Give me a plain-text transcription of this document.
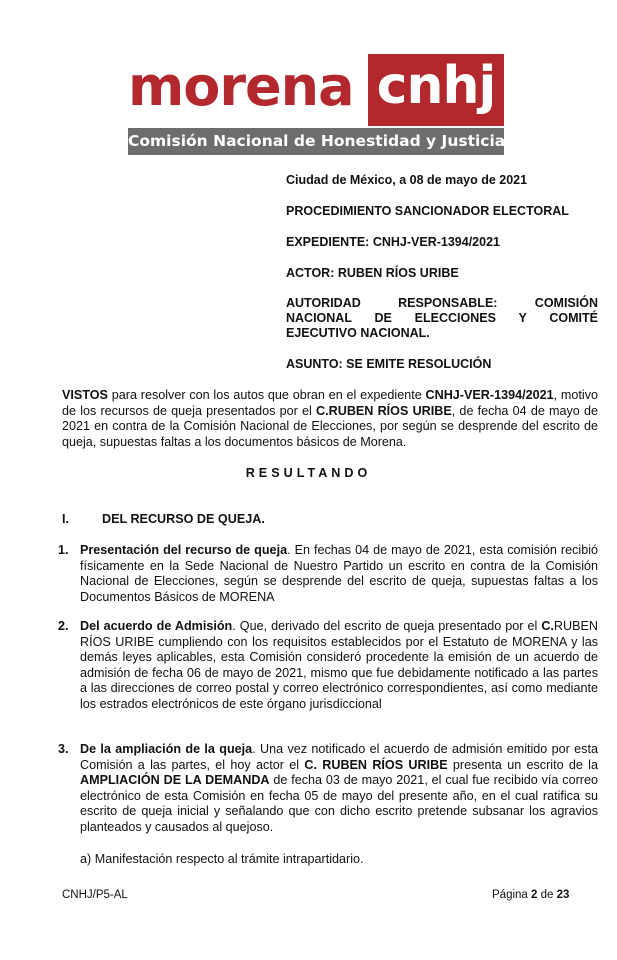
morena cnhj
Comisión Nacional de Honestidad y Justicia
Ciudad de México, a 08 de mayo de 2021
PROCEDIMIENTO SANCIONADOR ELECTORAL
EXPEDIENTE: CNHJ-VER-1394/2021
ACTOR: RUBEN RÍOS URIBE
AUTORIDAD RESPONSABLE: COMISIÓN
NACIONAL DE ELECCIONES Y COMITÉ
EJECUTIVO NACIONAL.
ASUNTO: SE EMITE RESOLUCIÓN
VISTOS para resolver con los autos que obran en el expediente CNHJ-VER-1394/2021, motivo de los recursos de queja presentados por el C.RUBEN RÍOS URIBE, de fecha 04 de mayo de 2021 en contra de la Comisión Nacional de Elecciones, por según se desprende del escrito de queja, supuestas faltas a los documentos básicos de Morena.
RESULTANDO
I.	DEL RECURSO DE QUEJA.
1. Presentación del recurso de queja. En fechas 04 de mayo de 2021, esta comisión recibió físicamente en la Sede Nacional de Nuestro Partido un escrito en contra de la Comisión Nacional de Elecciones, según se desprende del escrito de queja, supuestas faltas a los Documentos Básicos de MORENA
2. Del acuerdo de Admisión. Que, derivado del escrito de queja presentado por el C.RUBEN RÍOS URIBE cumpliendo con los requisitos establecidos por el Estatuto de MORENA y las demás leyes aplicables, esta Comisión consideró procedente la emisión de un acuerdo de admisión de fecha 06 de mayo de 2021, mismo que fue debidamente notificado a las partes a las direcciones de correo postal y correo electrónico correspondientes, así como mediante los estrados electrónicos de este órgano jurisdiccional
3. De la ampliación de la queja. Una vez notificado el acuerdo de admisión emitido por esta Comisión a las partes, el hoy actor el C. RUBEN RÍOS URIBE presenta un escrito de la AMPLIACIÓN DE LA DEMANDA de fecha 03 de mayo 2021, el cual fue recibido vía correo electrónico de esta Comisión en fecha 05 de mayo del presente año, en el cual ratifica su escrito de queja inicial y señalando que con dicho escrito pretende subsanar los agravios planteados y causados al quejoso.
a) Manifestación respecto al trámite intrapartidario.
CNHJ/P5-AL	Página 2 de 23
